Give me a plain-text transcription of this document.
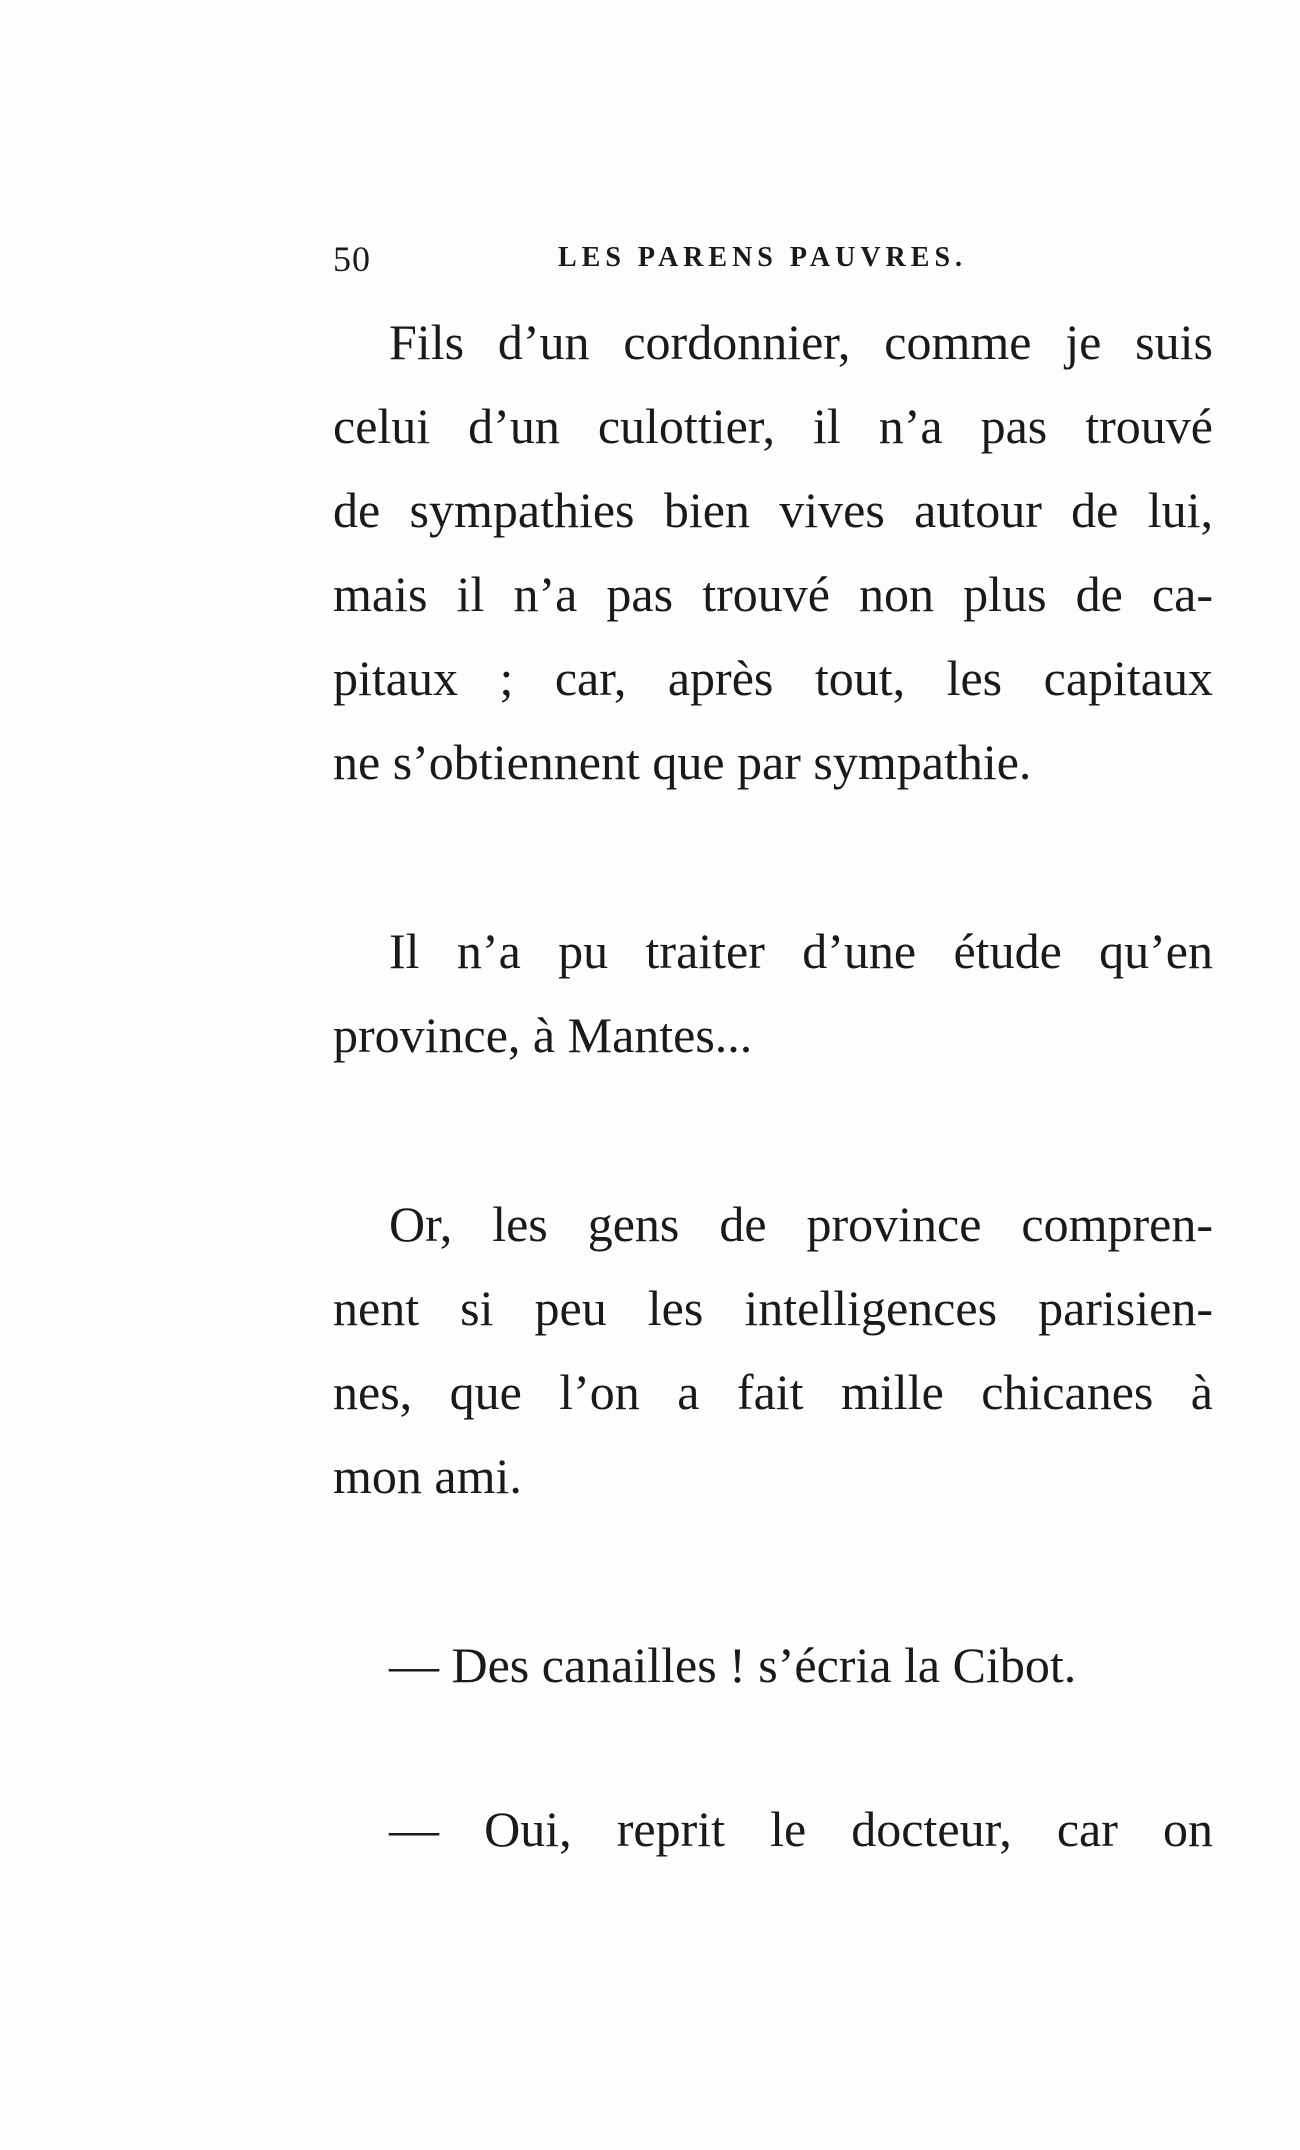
50	LES PARENS PAUVRES.
Fils d’un cordonnier, comme je suis
celui d’un culottier, il n’a pas trouvé
de sympathies bien vives autour de lui,
mais il n’a pas trouvé non plus de ca-
pitaux ; car, après tout, les capitaux
ne s’obtiennent que par sympathie.
Il n’a pu traiter d’une étude qu’en
province, à Mantes...
Or, les gens de province compren-
nent si peu les intelligences parisien-
nes, que l’on a fait mille chicanes à
mon ami.
— Des canailles ! s’écria la Cibot.
— Oui, reprit le docteur, car on
